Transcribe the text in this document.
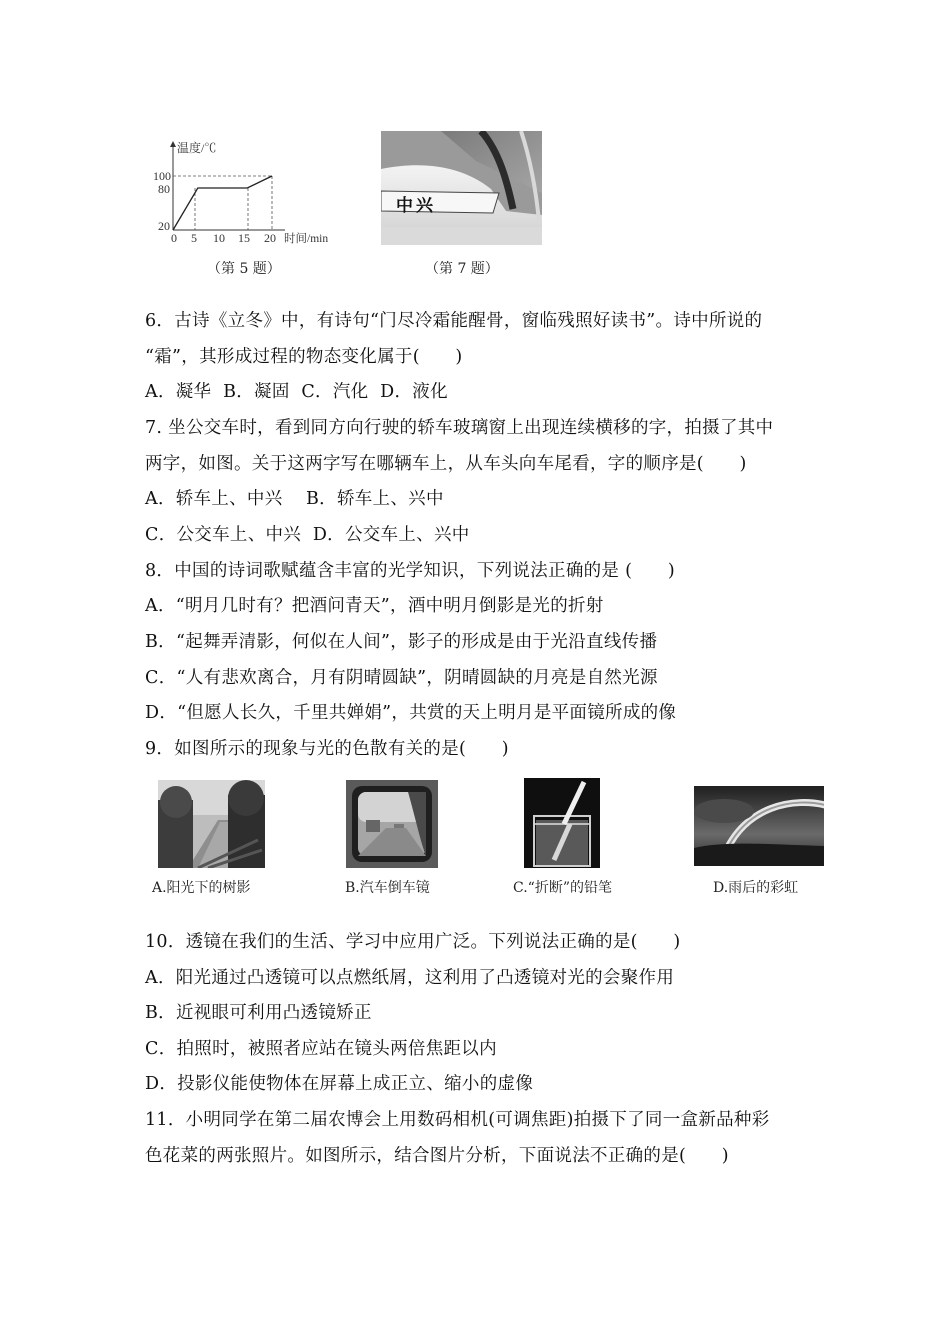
温度/℃
时间/min
100
80
20
0 5 10 15 20
（第 5 题）
中兴
（第 7 题）
6．古诗《立冬》中，有诗句“门尽冷霜能醒骨，窗临残照好读书”。诗中所说的
“霜”，其形成过程的物态变化属于(　　)
A．凝华  B．凝固  C．汽化  D．液化
7. 坐公交车时，看到同方向行驶的轿车玻璃窗上出现连续横移的字，拍摄了其中
两字，如图。关于这两字写在哪辆车上，从车头向车尾看，字的顺序是(　　)
A．轿车上、中兴    B．轿车上、兴中
C．公交车上、中兴  D．公交车上、兴中
8．中国的诗词歌赋蕴含丰富的光学知识，下列说法正确的是 (　　)
A．“明月几时有？把酒问青天”，酒中明月倒影是光的折射
B．“起舞弄清影，何似在人间”，影子的形成是由于光沿直线传播
C．“人有悲欢离合，月有阴晴圆缺”，阴晴圆缺的月亮是自然光源
D．“但愿人长久，千里共婵娟”，共赏的天上明月是平面镜所成的像
9．如图所示的现象与光的色散有关的是(　　)
A.阳光下的树影	B.汽车倒车镜	C.“折断”的铅笔	D.雨后的彩虹
10．透镜在我们的生活、学习中应用广泛。下列说法正确的是(　　)
A．阳光通过凸透镜可以点燃纸屑，这利用了凸透镜对光的会聚作用
B．近视眼可利用凸透镜矫正
C．拍照时，被照者应站在镜头两倍焦距以内
D．投影仪能使物体在屏幕上成正立、缩小的虚像
11．小明同学在第二届农博会上用数码相机(可调焦距)拍摄下了同一盒新品种彩
色花菜的两张照片。如图所示，结合图片分析，下面说法不正确的是(　　)
